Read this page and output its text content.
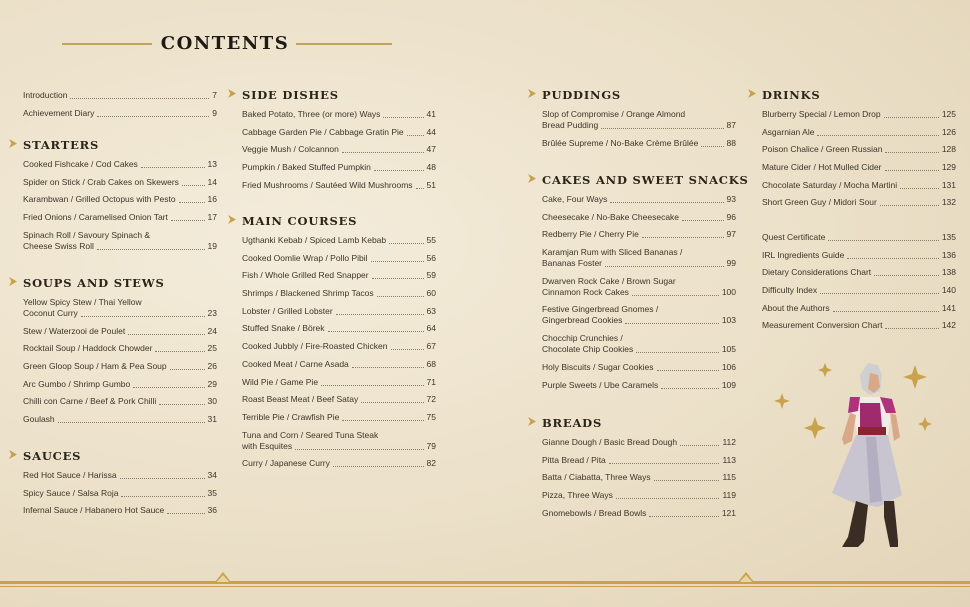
CONTENTS
Introduction	7
Achievement Diary	9
STARTERS
Cooked Fishcake / Cod Cakes	13
Spider on Stick / Crab Cakes on Skewers	14
Karambwan / Grilled Octopus with Pesto	16
Fried Onions / Caramelised Onion Tart	17
Spinach Roll / Savoury Spinach &
Cheese Swiss Roll	19
SOUPS AND STEWS
Yellow Spicy Stew / Thai Yellow
Coconut Curry	23
Stew / Waterzooi de Poulet	24
Rocktail Soup / Haddock Chowder	25
Green Gloop Soup / Ham & Pea Soup	26
Arc Gumbo / Shrimp Gumbo	29
Chilli con Carne / Beef & Pork Chilli	30
Goulash	31
SAUCES
Red Hot Sauce / Harissa	34
Spicy Sauce / Salsa Roja	35
Infernal Sauce / Habanero Hot Sauce	36
SIDE DISHES
Baked Potato, Three (or more) Ways	41
Cabbage Garden Pie / Cabbage Gratin Pie	44
Veggie Mush / Colcannon	47
Pumpkin / Baked Stuffed Pumpkin	48
Fried Mushrooms / Sautéed Wild Mushrooms 51
MAIN COURSES
Ugthanki Kebab / Spiced Lamb Kebab	55
Cooked Oomlie Wrap / Pollo Pibil	56
Fish / Whole Grilled Red Snapper	59
Shrimps / Blackened Shrimp Tacos	60
Lobster / Grilled Lobster	63
Stuffed Snake / Börek	64
Cooked Jubbly / Fire-Roasted Chicken	67
Cooked Meat / Carne Asada	68
Wild Pie / Game Pie	71
Roast Beast Meat / Beef Satay	72
Terrible Pie / Crawfish Pie	75
Tuna and Corn / Seared Tuna Steak
with Esquites	79
Curry / Japanese Curry	82
PUDDINGS
Slop of Compromise / Orange Almond
Bread Pudding	87
Brûlée Supreme / No-Bake Crème Brûlée	88
CAKES AND SWEET SNACKS
Cake, Four Ways	93
Cheesecake / No-Bake Cheesecake	96
Redberry Pie / Cherry Pie	97
Karamjan Rum with Sliced Bananas /
Bananas Foster	99
Dwarven Rock Cake / Brown Sugar
Cinnamon Rock Cakes	100
Festive Gingerbread Gnomes /
Gingerbread Cookies	103
Chocchip Crunchies /
Chocolate Chip Cookies	105
Holy Biscuits / Sugar Cookies	106
Purple Sweets / Ube Caramels	109
BREADS
Gianne Dough / Basic Bread Dough	112
Pitta Bread / Pita	113
Batta / Ciabatta, Three Ways	115
Pizza, Three Ways	119
Gnomebowls / Bread Bowls	121
DRINKS
Blurberry Special / Lemon Drop	125
Asgarnian Ale	126
Poison Chalice / Green Russian	128
Mature Cider / Hot Mulled Cider	129
Chocolate Saturday / Mocha Martini	131
Short Green Guy / Midori Sour	132
Quest Certificate	135
IRL Ingredients Guide	136
Dietary Considerations Chart	138
Difficulty Index	140
About the Authors	141
Measurement Conversion Chart	142
